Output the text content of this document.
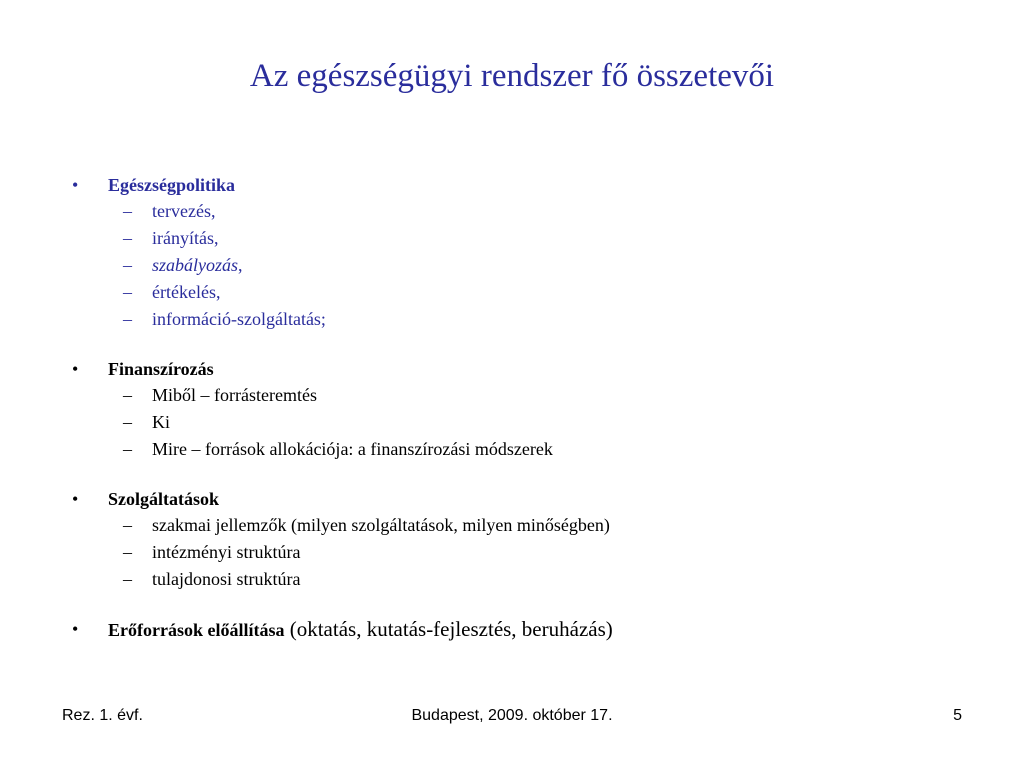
Az egészségügyi rendszer fő összetevői
• Egészségpolitika
– tervezés,
– irányítás,
– szabályozás,
– értékelés,
– információ-szolgáltatás;
• Finanszírozás
– Miből – forrásteremtés
– Ki
– Mire – források allokációja: a finanszírozási módszerek
• Szolgáltatások
– szakmai jellemzők (milyen szolgáltatások, milyen minőségben)
– intézményi struktúra
– tulajdonosi struktúra
• Erőforrások előállítása (oktatás, kutatás-fejlesztés, beruházás)
Rez. 1. évf.	Budapest, 2009. október 17.	5
